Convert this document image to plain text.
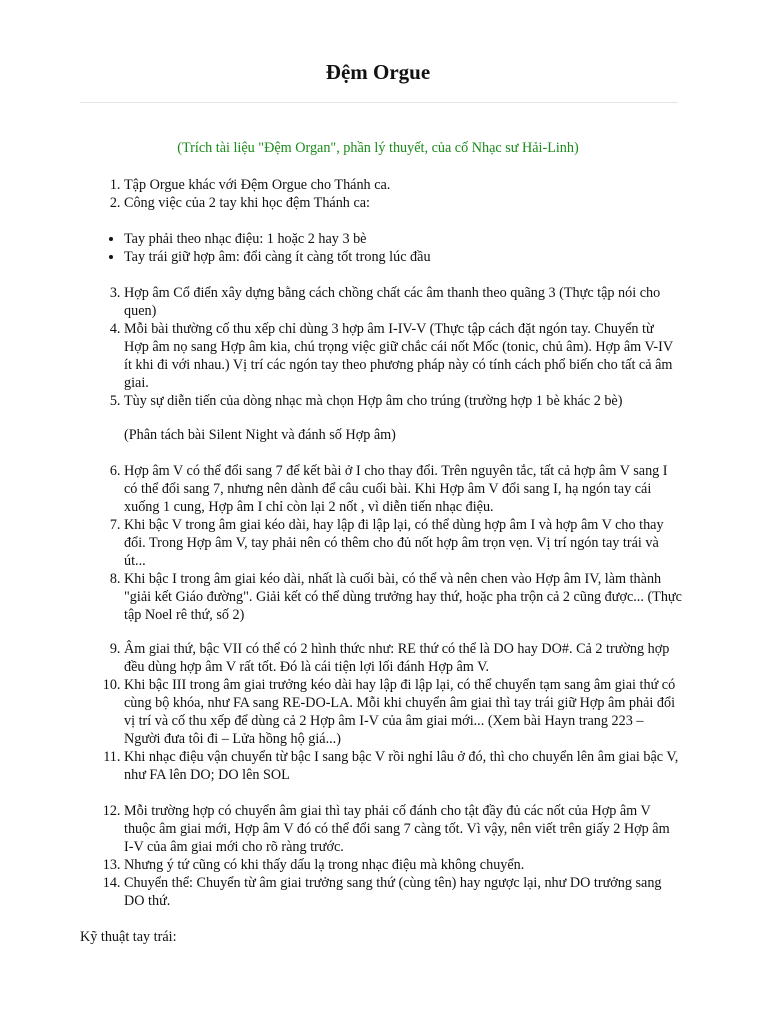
Đệm Orgue
(Trích tài liệu "Đệm Organ", phần lý thuyết, của cố Nhạc sư Hải-Linh)
1. Tập Orgue khác với Đệm Orgue cho Thánh ca.
2. Công việc của 2 tay khi học đệm Thánh ca:
• Tay phải theo nhạc điệu: 1 hoặc 2 hay 3 bè
• Tay trái giữ hợp âm: đổi càng ít càng tốt trong lúc đầu
3. Hợp âm Cổ điển xây dựng bằng cách chồng chất các âm thanh theo quãng 3 (Thực tập nói cho quen)
4. Mỗi bài thường cố thu xếp chỉ dùng 3 hợp âm I-IV-V (Thực tập cách đặt ngón tay. Chuyển từ Hợp âm nọ sang Hợp âm kia, chú trọng việc giữ chắc cái nốt Mốc (tonic, chủ âm). Hợp âm V-IV ít khi đi với nhau.) Vị trí các ngón tay theo phương pháp này có tính cách phổ biến cho tất cả âm giai.
5. Tùy sự diễn tiến của dòng nhạc mà chọn Hợp âm cho trúng (trường hợp 1 bè khác 2 bè)
(Phân tách bài Silent Night và đánh số Hợp âm)
6. Hợp âm V có thể đổi sang 7 để kết bài ở I cho thay đổi. Trên nguyên tắc, tất cả hợp âm V sang I có thể đổi sang 7, nhưng nên dành để câu cuối bài. Khi Hợp âm V đổi sang I, hạ ngón tay cái xuống 1 cung, Hợp âm I chỉ còn lại 2 nốt , vì diễn tiến nhạc điệu.
7. Khi bậc V trong âm giai kéo dài, hay lập đi lập lại, có thể dùng hợp âm I và hợp âm V cho thay đổi. Trong Hợp âm V, tay phải nên có thêm cho đủ nốt hợp âm trọn vẹn. Vị trí ngón tay trái và út...
8. Khi bậc I trong âm giai kéo dài, nhất là cuối bài, có thể và nên chen vào Hợp âm IV, làm thành "giải kết Giáo đường". Giải kết có thể dùng trưởng hay thứ, hoặc pha trộn cả 2 cũng được... (Thực tập Noel rê thứ, số 2)
9. Âm giai thứ, bậc VII có thể có 2 hình thức như: RE thứ có thể là DO hay DO#. Cả 2 trường hợp đều dùng hợp âm V rất tốt. Đó là cái tiện lợi lối đánh Hợp âm V.
10. Khi bậc III trong âm giai trưởng kéo dài hay lập đi lập lại, có thể chuyển tạm sang âm giai thứ có cùng bộ khóa, như FA sang RE-DO-LA. Mỗi khi chuyển âm giai thì tay trái giữ Hợp âm phải đổi vị trí và cố thu xếp để dùng cả 2 Hợp âm I-V của âm giai mới... (Xem bài Hayn trang 223 – Người đưa tôi đi – Lửa hồng hộ giá...)
11. Khi nhạc điệu vận chuyển từ bậc I sang bậc V rồi nghỉ lâu ở đó, thì cho chuyển lên âm giai bậc V, như FA lên DO; DO lên SOL
12. Mỗi trường hợp có chuyển âm giai thì tay phải cố đánh cho tật đầy đủ các nốt của Hợp âm V thuộc âm giai mới, Hợp âm V đó có thể đổi sang 7 càng tốt. Vì vậy, nên viết trên giấy 2 Hợp âm I-V của âm giai mới cho rõ ràng trước.
13. Nhưng ý tứ cũng có khi thấy dấu lạ trong nhạc điệu mà không chuyển.
14. Chuyển thể: Chuyển từ âm giai trưởng sang thứ (cùng tên) hay ngược lại, như DO trưởng sang DO thứ.
Kỹ thuật tay trái:
